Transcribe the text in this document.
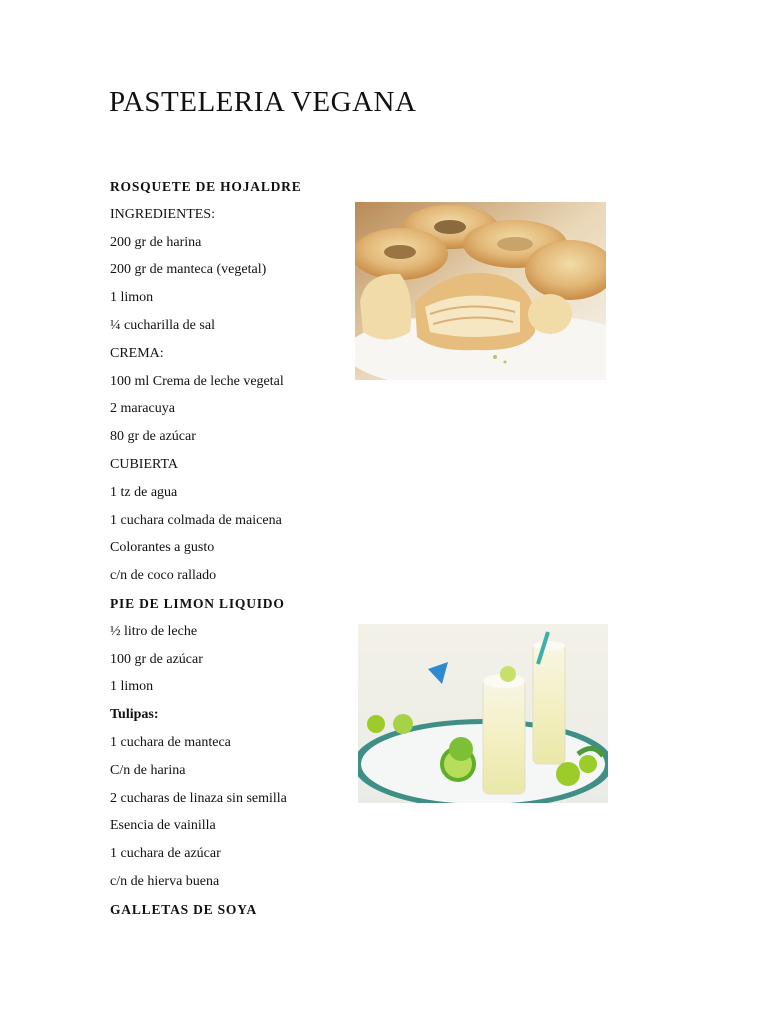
PASTELERIA VEGANA
ROSQUETE DE HOJALDRE
INGREDIENTES:
200 gr de harina
200 gr de manteca (vegetal)
1 limon
¼ cucharilla de sal
CREMA:
100 ml Crema de leche vegetal
2 maracuya
80 gr de azúcar
CUBIERTA
1 tz de agua
1 cuchara colmada de maicena
Colorantes a gusto
c/n de coco rallado
PIE DE LIMON LIQUIDO
½ litro de leche
100 gr de azúcar
1 limon
Tulipas:
1 cuchara de manteca
C/n de harina
2 cucharas de linaza sin semilla
Esencia de vainilla
1 cuchara de azúcar
c/n de hierva buena
GALLETAS DE SOYA
